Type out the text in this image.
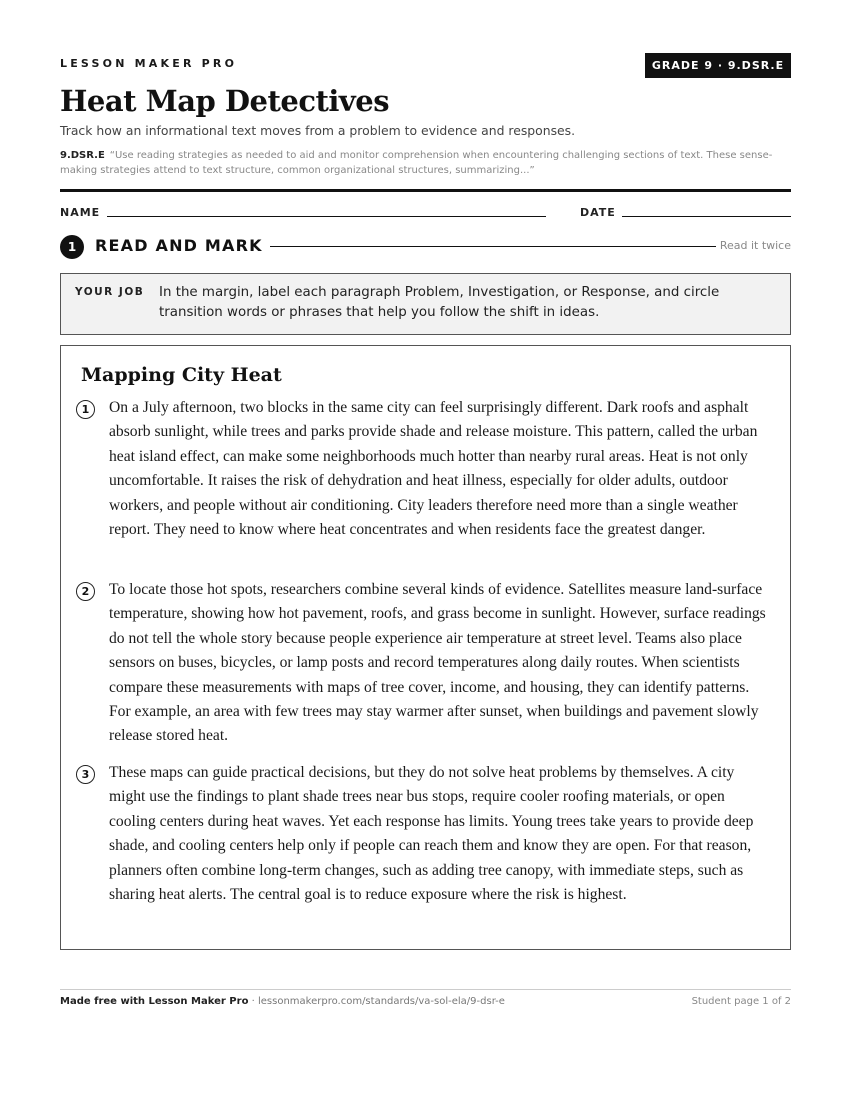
LESSON MAKER PRO	GRADE 9 · 9.DSR.E
Heat Map Detectives
Track how an informational text moves from a problem to evidence and responses.
9.DSR.E “Use reading strategies as needed to aid and monitor comprehension when encountering challenging sections of text. These sense-making strategies attend to text structure, common organizational structures, summarizing...”
NAME	DATE
1	READ AND MARK	Read it twice
YOUR JOB In the margin, label each paragraph Problem, Investigation, or Response, and circle transition words or phrases that help you follow the shift in ideas.
Mapping City Heat
1	On a July afternoon, two blocks in the same city can feel surprisingly different. Dark roofs and asphalt absorb sunlight, while trees and parks provide shade and release moisture. This pattern, called the urban heat island effect, can make some neighborhoods much hotter than nearby rural areas. Heat is not only uncomfortable. It raises the risk of dehydration and heat illness, especially for older adults, outdoor workers, and people without air conditioning. City leaders therefore need more than a single weather report. They need to know where heat concentrates and when residents face the greatest danger.

2	To locate those hot spots, researchers combine several kinds of evidence. Satellites measure land-surface temperature, showing how hot pavement, roofs, and grass become in sunlight. However, surface readings do not tell the whole story because people experience air temperature at street level. Teams also place sensors on buses, bicycles, or lamp posts and record temperatures along daily routes. When scientists compare these measurements with maps of tree cover, income, and housing, they can identify patterns. For example, an area with few trees may stay warmer after sunset, when buildings and pavement slowly release stored heat.

3	These maps can guide practical decisions, but they do not solve heat problems by themselves. A city might use the findings to plant shade trees near bus stops, require cooler roofing materials, or open cooling centers during heat waves. Yet each response has limits. Young trees take years to provide deep shade, and cooling centers help only if people can reach them and know they are open. For that reason, planners often combine long-term changes, such as adding tree canopy, with immediate steps, such as sharing heat alerts. The central goal is to reduce exposure where the risk is highest.

Made free with Lesson Maker Pro · lessonmakerpro.com/standards/va-sol-ela/9-dsr-e	Student page 1 of 2
